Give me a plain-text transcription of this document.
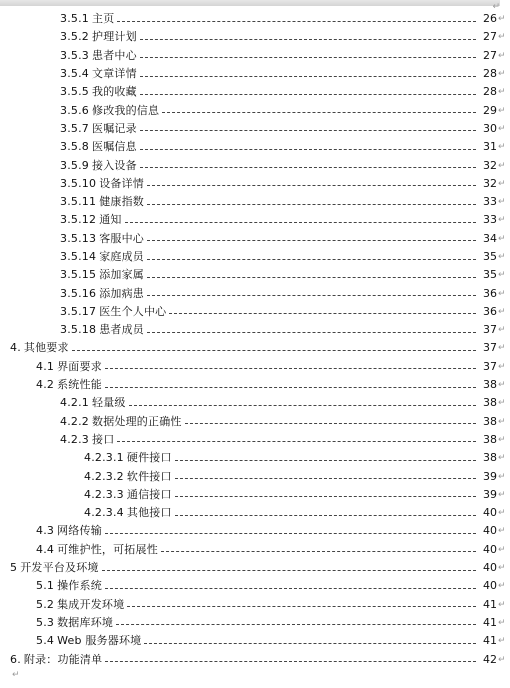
↵
3.5.1 主页	26 ↵
3.5.2 护理计划	27 ↵
3.5.3 患者中心	27 ↵
3.5.4 文章详情	28 ↵
3.5.5 我的收藏	28 ↵
3.5.6 修改我的信息	29 ↵
3.5.7 医嘱记录	30 ↵
3.5.8 医嘱信息	31 ↵
3.5.9 接入设备	32 ↵
3.5.10 设备详情	32 ↵
3.5.11 健康指数	33 ↵
3.5.12 通知	33 ↵
3.5.13 客服中心	34 ↵
3.5.14 家庭成员	35 ↵
3.5.15 添加家属	35 ↵
3.5.16 添加病患	36 ↵
3.5.17 医生个人中心	36 ↵
3.5.18 患者成员	37 ↵
4. 其他要求	37 ↵
4.1 界面要求	37 ↵
4.2 系统性能	38 ↵
4.2.1 轻量级	38 ↵
4.2.2 数据处理的正确性	38 ↵
4.2.3 接口	38 ↵
4.2.3.1 硬件接口	38 ↵
4.2.3.2 软件接口	39 ↵
4.2.3.3 通信接口	39 ↵
4.2.3.4 其他接口	40 ↵
4.3 网络传输	40 ↵
4.4 可维护性，可拓展性	40 ↵
5 开发平台及环境	40 ↵
5.1 操作系统	40 ↵
5.2 集成开发环境	41 ↵
5.3 数据库环境	41 ↵
5.4 Web 服务器环境	41 ↵
6. 附录：功能清单	42 ↵
↵
